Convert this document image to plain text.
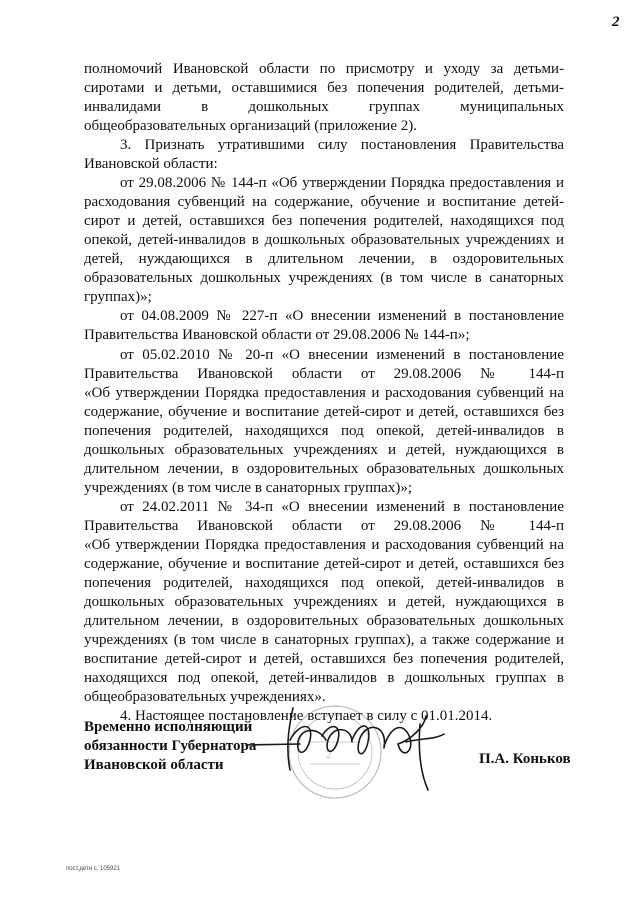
2
полномочий Ивановской области по присмотру и уходу за детьми-
сиротами и детьми, оставшимися без попечения родителей, детьми-
инвалидами в дошкольных группах муниципальных
общеобразовательных организаций (приложение 2).
3. Признать утратившими силу постановления Правительства
Ивановской области:
от 29.08.2006 № 144-п «Об утверждении Порядка предоставления и
расходования субвенций на содержание, обучение и воспитание детей-
сирот и детей, оставшихся без попечения родителей, находящихся под
опекой, детей-инвалидов в дошкольных образовательных учреждениях и
детей, нуждающихся в длительном лечении, в оздоровительных
образовательных дошкольных учреждениях (в том числе в санаторных
группах)»;
от 04.08.2009 № 227-п «О внесении изменений в постановление
Правительства Ивановской области от 29.08.2006 № 144-п»;
от 05.02.2010 № 20-п «О внесении изменений в постановление
Правительства Ивановской области от 29.08.2006 № 144-п
«Об утверждении Порядка предоставления и расходования субвенций на
содержание, обучение и воспитание детей-сирот и детей, оставшихся без
попечения родителей, находящихся под опекой, детей-инвалидов в
дошкольных образовательных учреждениях и детей, нуждающихся в
длительном лечении, в оздоровительных образовательных дошкольных
учреждениях (в том числе в санаторных группах)»;
от 24.02.2011 № 34-п «О внесении изменений в постановление
Правительства Ивановской области от 29.08.2006 № 144-п
«Об утверждении Порядка предоставления и расходования субвенций на
содержание, обучение и воспитание детей-сирот и детей, оставшихся без
попечения родителей, находящихся под опекой, детей-инвалидов в
дошкольных образовательных учреждениях и детей, нуждающихся в
длительном лечении, в оздоровительных образовательных дошкольных
учреждениях (в том числе в санаторных группах), а также содержание и
воспитание детей-сирот и детей, оставшихся без попечения родителей,
находящихся под опекой, детей-инвалидов в дошкольных группах в
общеобразовательных учреждениях».
4. Настоящее постановление вступает в силу с 01.01.2014.
Временно исполняющий
обязанности Губернатора
Ивановской области
2	П.А. Коньков
пост.детн с. 105921
